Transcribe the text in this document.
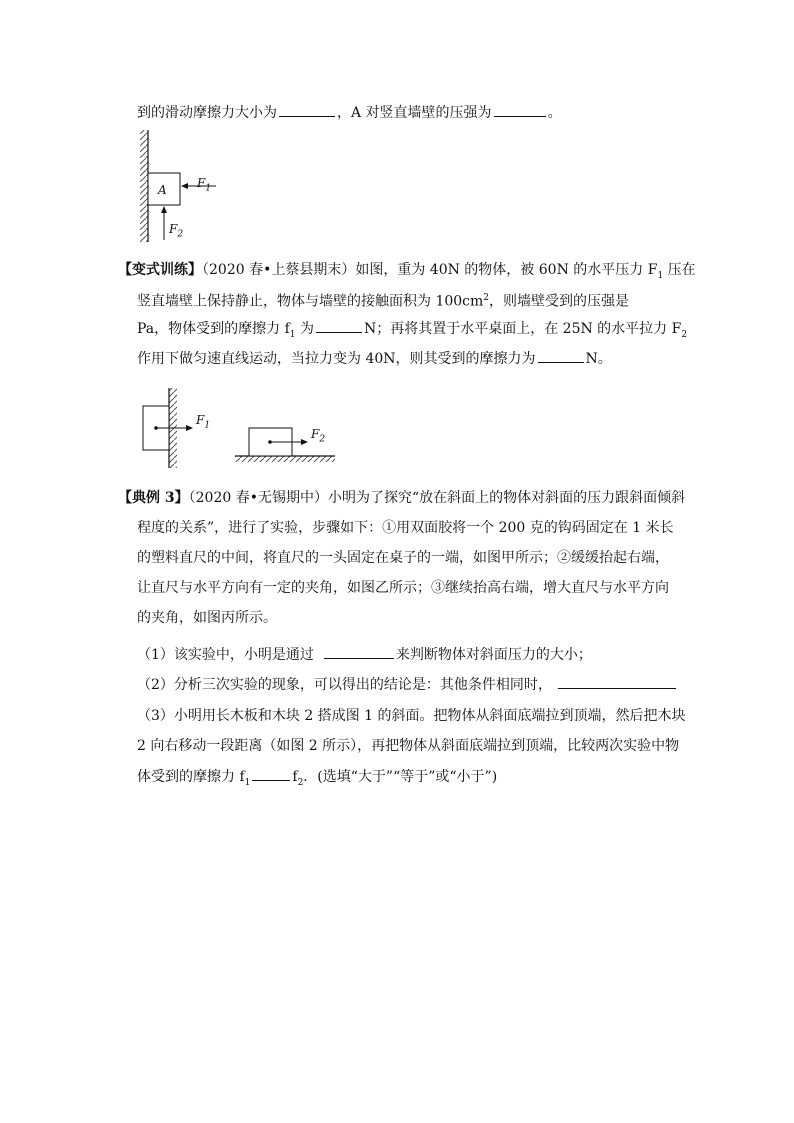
到的滑动摩擦力大小为	，A 对竖直墙壁的压强为	。
A	$F_1$
$F_2$
【变式训练】（2020 春•上蔡县期末）如图，重为 40N 的物体，被 60N 的水平压力 $F_1$ 压在
竖直墙壁上保持静止，物体与墙壁的接触面积为 $100cm^2$，则墙壁受到的压强是
Pa，物体受到的摩擦力 $f_1$ 为	N；再将其置于水平桌面上，在 25N 的水平拉力 $F_2$
作用下做匀速直线运动，当拉力变为 40N，则其受到的摩擦力为	N。
$F_1$
$F_2$
【典例 3】（2020 春•无锡期中）小明为了探究“放在斜面上的物体对斜面的压力跟斜面倾斜
程度的关系”，进行了实验，步骤如下：①用双面胶将一个 200 克的钩码固定在 1 米长
的塑料直尺的中间，将直尺的一头固定在桌子的一端，如图甲所示；②缓缓抬起右端，
让直尺与水平方向有一定的夹角，如图乙所示；③继续抬高右端，增大直尺与水平方向
的夹角，如图丙所示。
（1）该实验中，小明是通过	来判断物体对斜面压力的大小；
（2）分析三次实验的现象，可以得出的结论是：其他条件相同时，
（3）小明用长木板和木块 2 搭成图 1 的斜面。把物体从斜面底端拉到顶端，然后把木块
2 向右移动一段距离（如图 2 所示），再把物体从斜面底端拉到顶端，比较两次实验中物
体受到的摩擦力 $f_1$	$f_2$．(选填“大于”“等于”或“小于”)
